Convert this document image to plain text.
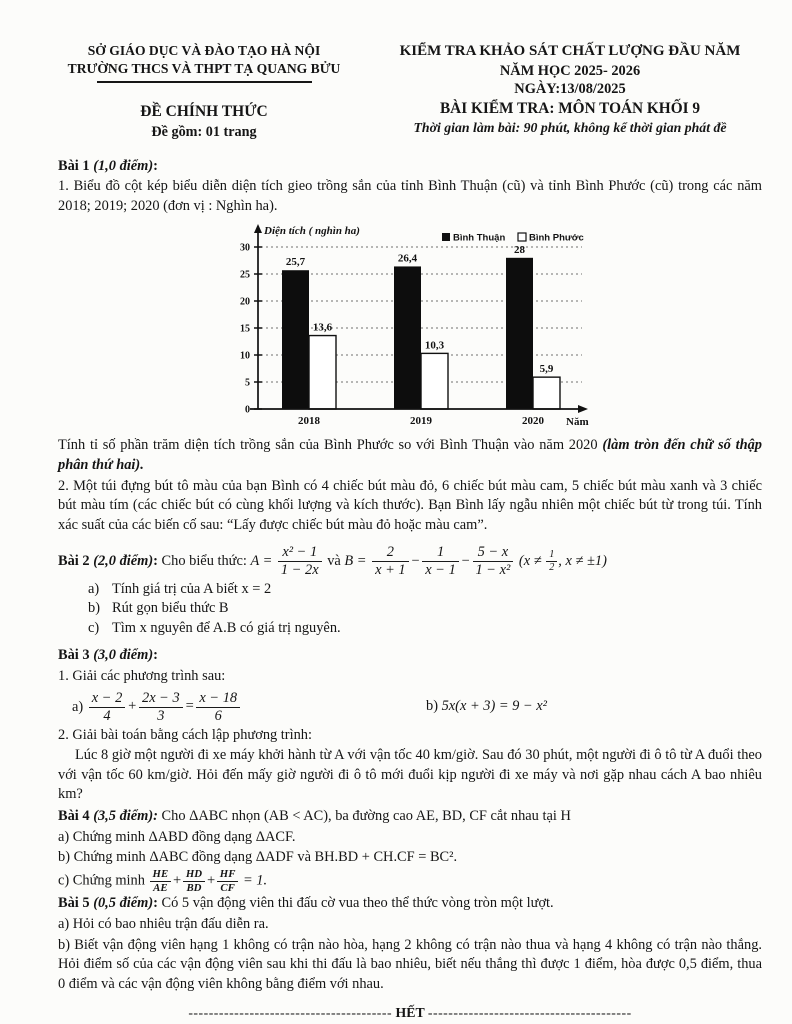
SỞ GIÁO DỤC VÀ ĐÀO TẠO HÀ NỘI
TRƯỜNG THCS VÀ THPT TẠ QUANG BỬU
ĐỀ CHÍNH THỨC
Đề gồm: 01 trang
KIỂM TRA KHẢO SÁT CHẤT LƯỢNG ĐẦU NĂM
NĂM HỌC 2025- 2026
NGÀY:13/08/2025
BÀI KIỂM TRA: MÔN TOÁN KHỐI 9
Thời gian làm bài: 90 phút, không kể thời gian phát đề

Bài 1 (1,0 điểm):

1. Biểu đồ cột kép biểu diễn diện tích gieo trồng sắn của tỉnh Bình Thuận (cũ) và tỉnh Bình Phước (cũ) trong các năm 2018; 2019; 2020 (đơn vị : Nghìn ha).

0
5
10
15
20
25
30
25,7
13,6
2018
26,4
10,3
2019
28
5,9
2020
Bình Thuận	Bình Phước
Diện tích ( nghìn ha)
Năm

Tính tỉ số phần trăm diện tích trồng sắn của Bình Phước so với Bình Thuận vào năm 2020 (làm tròn đến chữ số thập phân thứ hai).

2. Một túi đựng bút tô màu của bạn Bình có 4 chiếc bút màu đỏ, 6 chiếc bút màu cam, 5 chiếc bút màu xanh và 3 chiếc bút màu tím (các chiếc bút có cùng khối lượng và kích thước). Bạn Bình lấy ngẫu nhiên một chiếc bút từ trong túi. Tính xác suất của các biến cố sau: “Lấy được chiếc bút màu đỏ hoặc màu cam”.

Bài 2 (2,0 điểm): Cho biểu thức: $A = \frac{\text{x² − 1}}{1 - 2x}$ và $B = \frac{2}{x + 1} - \frac{1}{x - 1} - \frac{5 - x}{\text{1 − x²}} (x \ne \frac{1}{2}$ , x ≠ ±1)

a) Tính giá trị của A biết x = 2

b) Rút gọn biểu thức B

c) Tìm x nguyên để A.B có giá trị nguyên.

Bài 3 (3,0 điểm):

1. Giải các phương trình sau:

$a) \frac{x - 2}{4} + \frac{2x - 3}{3} = \frac{x - 18}{6}$	b) 5x(x + 3) = 9 − x²

2. Giải bài toán bằng cách lập phương trình:

Lúc 8 giờ một người đi xe máy khởi hành từ A với vận tốc 40 km/giờ. Sau đó 30 phút, một người đi ô tô từ A đuổi theo với vận tốc 60 km/giờ. Hỏi đến mấy giờ người đi ô tô mới đuổi kịp người đi xe máy và nơi gặp nhau cách A bao nhiêu km?

Bài 4 (3,5 điểm): Cho ΔABC nhọn (AB < AC), ba đường cao AE, BD, CF cắt nhau tại H

a) Chứng minh ΔABD đồng dạng ΔACF.

b) Chứng minh ΔABC đồng dạng ΔADF và BH.BD + CH.CF = BC².

c) Chứng minh $\frac{HE}{AE} + \frac{HD}{BD} + \frac{HF}{CF} = 1$.

Bài 5 (0,5 điểm): Có 5 vận động viên thi đấu cờ vua theo thể thức vòng tròn một lượt.

a) Hỏi có bao nhiêu trận đấu diễn ra.

b) Biết vận động viên hạng 1 không có trận nào hòa, hạng 2 không có trận nào thua và hạng 4 không có trận nào thắng. Hỏi điểm số của các vận động viên sau khi thi đấu là bao nhiêu, biết nếu thắng thì được 1 điểm, hòa được 0,5 điểm, thua 0 điểm và các vận động viên không bằng điểm với nhau.

---------------------------------------- HẾT ----------------------------------------
